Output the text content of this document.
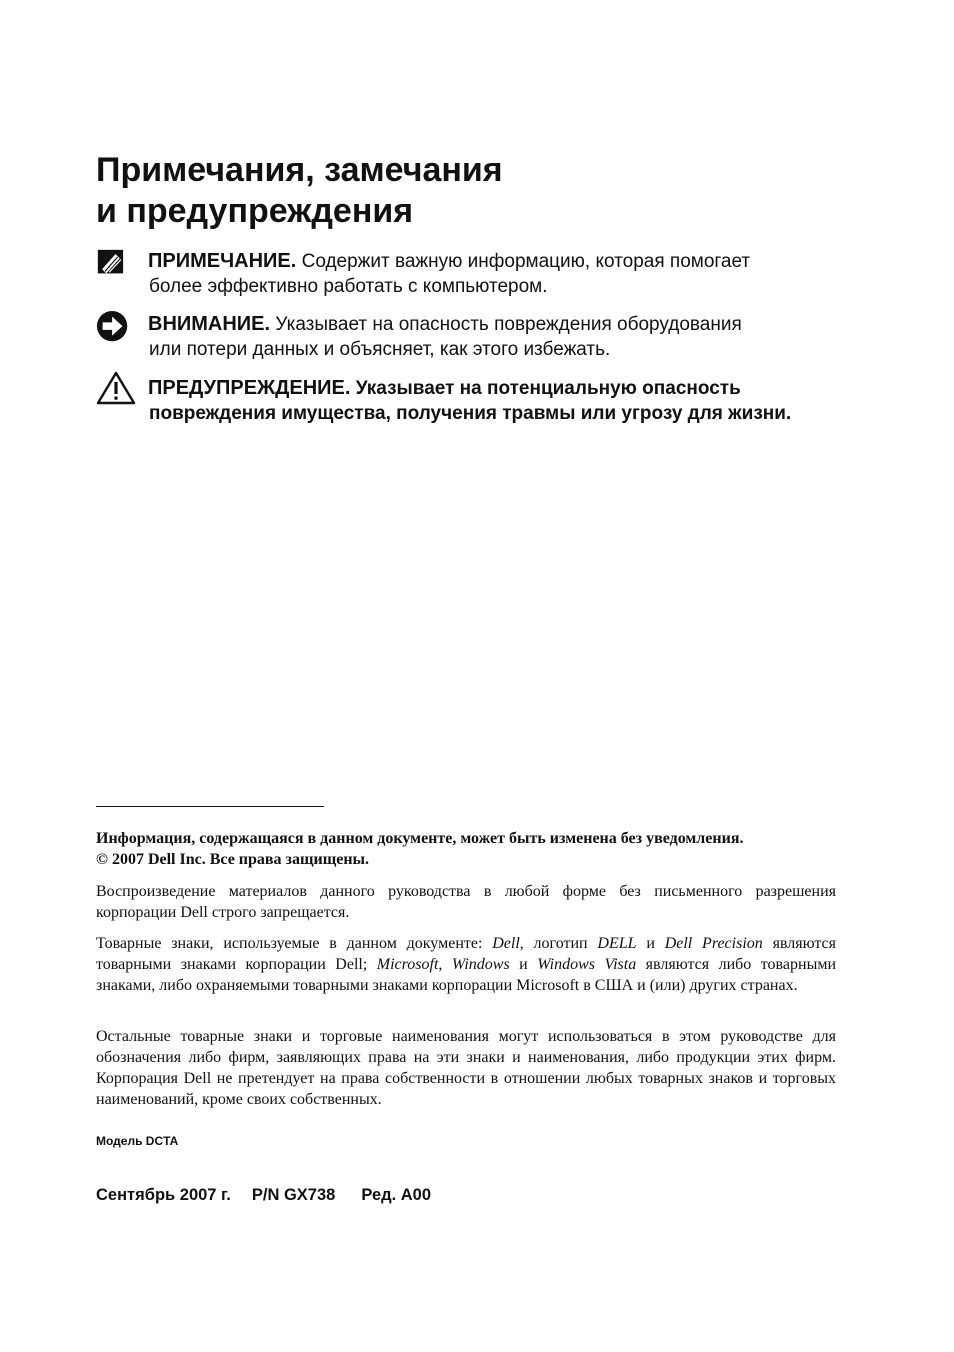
Примечания, замечания
и предупреждения
ПРИМЕЧАНИЕ. Содержит важную информацию, которая помогает
более эффективно работать с компьютером.
ВНИМАНИЕ. Указывает на опасность повреждения оборудования
или потери данных и объясняет, как этого избежать.
ПРЕДУПРЕЖДЕНИЕ. Указывает на потенциальную опасность
повреждения имущества, получения травмы или угрозу для жизни.

Информация, содержащаяся в данном документе, может быть изменена без уведомления.
© 2007 Dell Inc. Все права защищены.

Воспроизведение материалов данного руководства в любой форме без письменного разрешения корпорации Dell строго запрещается.

Товарные знаки, используемые в данном документе: Dell, логотип DELL и Dell Precision являются товарными знаками корпорации Dell; Microsoft, Windows и Windows Vista являются либо товарными знаками, либо охраняемыми товарными знаками корпорации Microsoft в США и (или) других странах.

Остальные товарные знаки и торговые наименования могут использоваться в этом руководстве для обозначения либо фирм, заявляющих права на эти знаки и наименования, либо продукции этих фирм. Корпорация Dell не претендует на права собственности в отношении любых товарных знаков и торговых наименований, кроме своих собственных.

Модель DCTA

Сентябрь 2007 г. P/N GX738 Ред. A00
